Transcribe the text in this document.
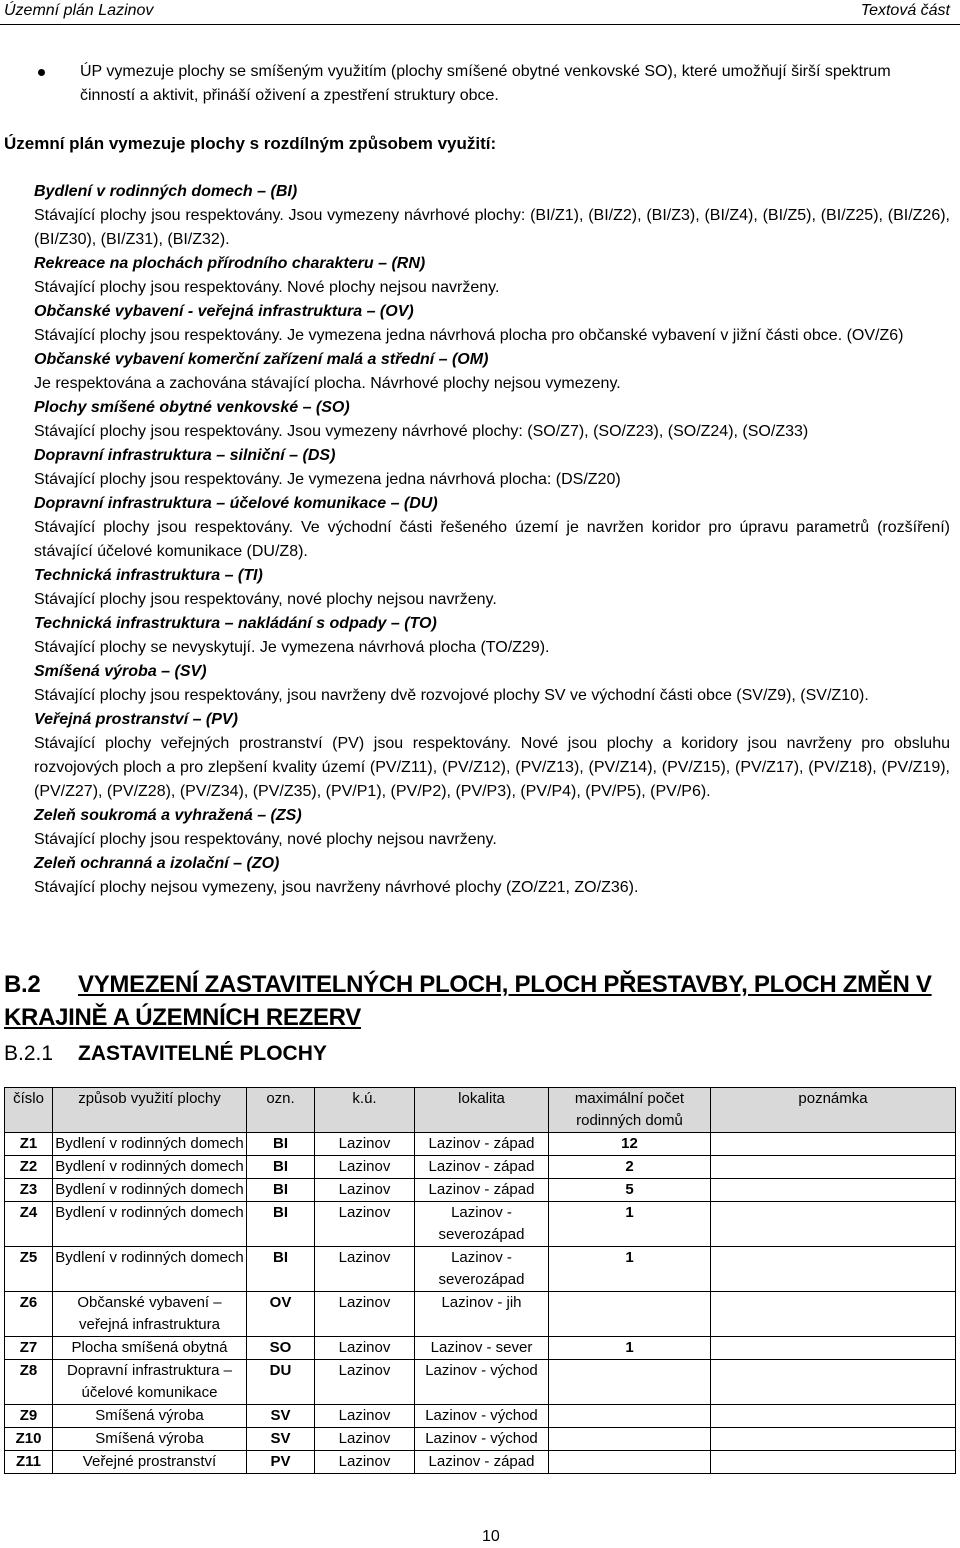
Územní plán Lazinov	Textová část
ÚP vymezuje plochy se smíšeným využitím (plochy smíšené obytné venkovské SO), které umožňují širší spektrum činností a aktivit, přináší oživení a zpestření struktury obce.
Územní plán vymezuje plochy s rozdílným způsobem využití:
Bydlení v rodinných domech – (BI)
Stávající plochy jsou respektovány. Jsou vymezeny návrhové plochy: (BI/Z1), (BI/Z2), (BI/Z3), (BI/Z4), (BI/Z5), (BI/Z25), (BI/Z26), (BI/Z30), (BI/Z31), (BI/Z32).
Rekreace na plochách přírodního charakteru – (RN)
Stávající plochy jsou respektovány. Nové plochy nejsou navrženy.
Občanské vybavení - veřejná infrastruktura – (OV)
Stávající plochy jsou respektovány. Je vymezena jedna návrhová plocha pro občanské vybavení v jižní části obce. (OV/Z6)
Občanské vybavení komerční zařízení malá a střední – (OM)
Je respektována a zachována stávající plocha. Návrhové plochy nejsou vymezeny.
Plochy smíšené obytné venkovské – (SO)
Stávající plochy jsou respektovány. Jsou vymezeny návrhové plochy: (SO/Z7), (SO/Z23), (SO/Z24), (SO/Z33)
Dopravní infrastruktura – silniční – (DS)
Stávající plochy jsou respektovány. Je vymezena jedna návrhová plocha: (DS/Z20)
Dopravní infrastruktura – účelové komunikace – (DU)
Stávající plochy jsou respektovány. Ve východní části řešeného území je navržen koridor pro úpravu parametrů (rozšíření) stávající účelové komunikace (DU/Z8).
Technická infrastruktura – (TI)
Stávající plochy jsou respektovány, nové plochy nejsou navrženy.
Technická infrastruktura – nakládání s odpady – (TO)
Stávající plochy se nevyskytují. Je vymezena návrhová plocha (TO/Z29).
Smíšená výroba – (SV)
Stávající plochy jsou respektovány, jsou navrženy dvě rozvojové plochy SV ve východní části obce (SV/Z9), (SV/Z10).
Veřejná prostranství – (PV)
Stávající plochy veřejných prostranství (PV) jsou respektovány. Nové jsou plochy a koridory jsou navrženy pro obsluhu rozvojových ploch a pro zlepšení kvality území (PV/Z11), (PV/Z12), (PV/Z13), (PV/Z14), (PV/Z15), (PV/Z17), (PV/Z18), (PV/Z19), (PV/Z27), (PV/Z28), (PV/Z34), (PV/Z35), (PV/P1), (PV/P2), (PV/P3), (PV/P4), (PV/P5), (PV/P6).
Zeleň soukromá a vyhražená – (ZS)
Stávající plochy jsou respektovány, nové plochy nejsou navrženy.
Zeleň ochranná a izolační – (ZO)
Stávající plochy nejsou vymezeny, jsou navrženy návrhové plochy (ZO/Z21, ZO/Z36).
B.2 VYMEZENÍ ZASTAVITELNÝCH PLOCH, PLOCH PŘESTAVBY, PLOCH ZMĚN V
KRAJINĚ A ÚZEMNÍCH REZERV
B.2.1 ZASTAVITELNÉ PLOCHY
číslo	způsob využití plochy	ozn.	k.ú.	lokalita	maximální počet rodinných domů	poznámka
Z1	Bydlení v rodinných domech	BI	Lazinov	Lazinov - západ	12	
Z2	Bydlení v rodinných domech	BI	Lazinov	Lazinov - západ	2	
Z3	Bydlení v rodinných domech	BI	Lazinov	Lazinov - západ	5	
Z4	Bydlení v rodinných domech	BI	Lazinov	Lazinov - severozápad	1	
Z5	Bydlení v rodinných domech	BI	Lazinov	Lazinov - severozápad	1	
Z6	Občanské vybavení – veřejná infrastruktura	OV	Lazinov	Lazinov - jih		
Z7	Plocha smíšená obytná	SO	Lazinov	Lazinov - sever	1	
Z8	Dopravní infrastruktura – účelové komunikace	DU	Lazinov	Lazinov - východ		
Z9	Smíšená výroba	SV	Lazinov	Lazinov - východ		
Z10	Smíšená výroba	SV	Lazinov	Lazinov - východ		
Z11	Veřejné prostranství	PV	Lazinov	Lazinov - západ		
10
